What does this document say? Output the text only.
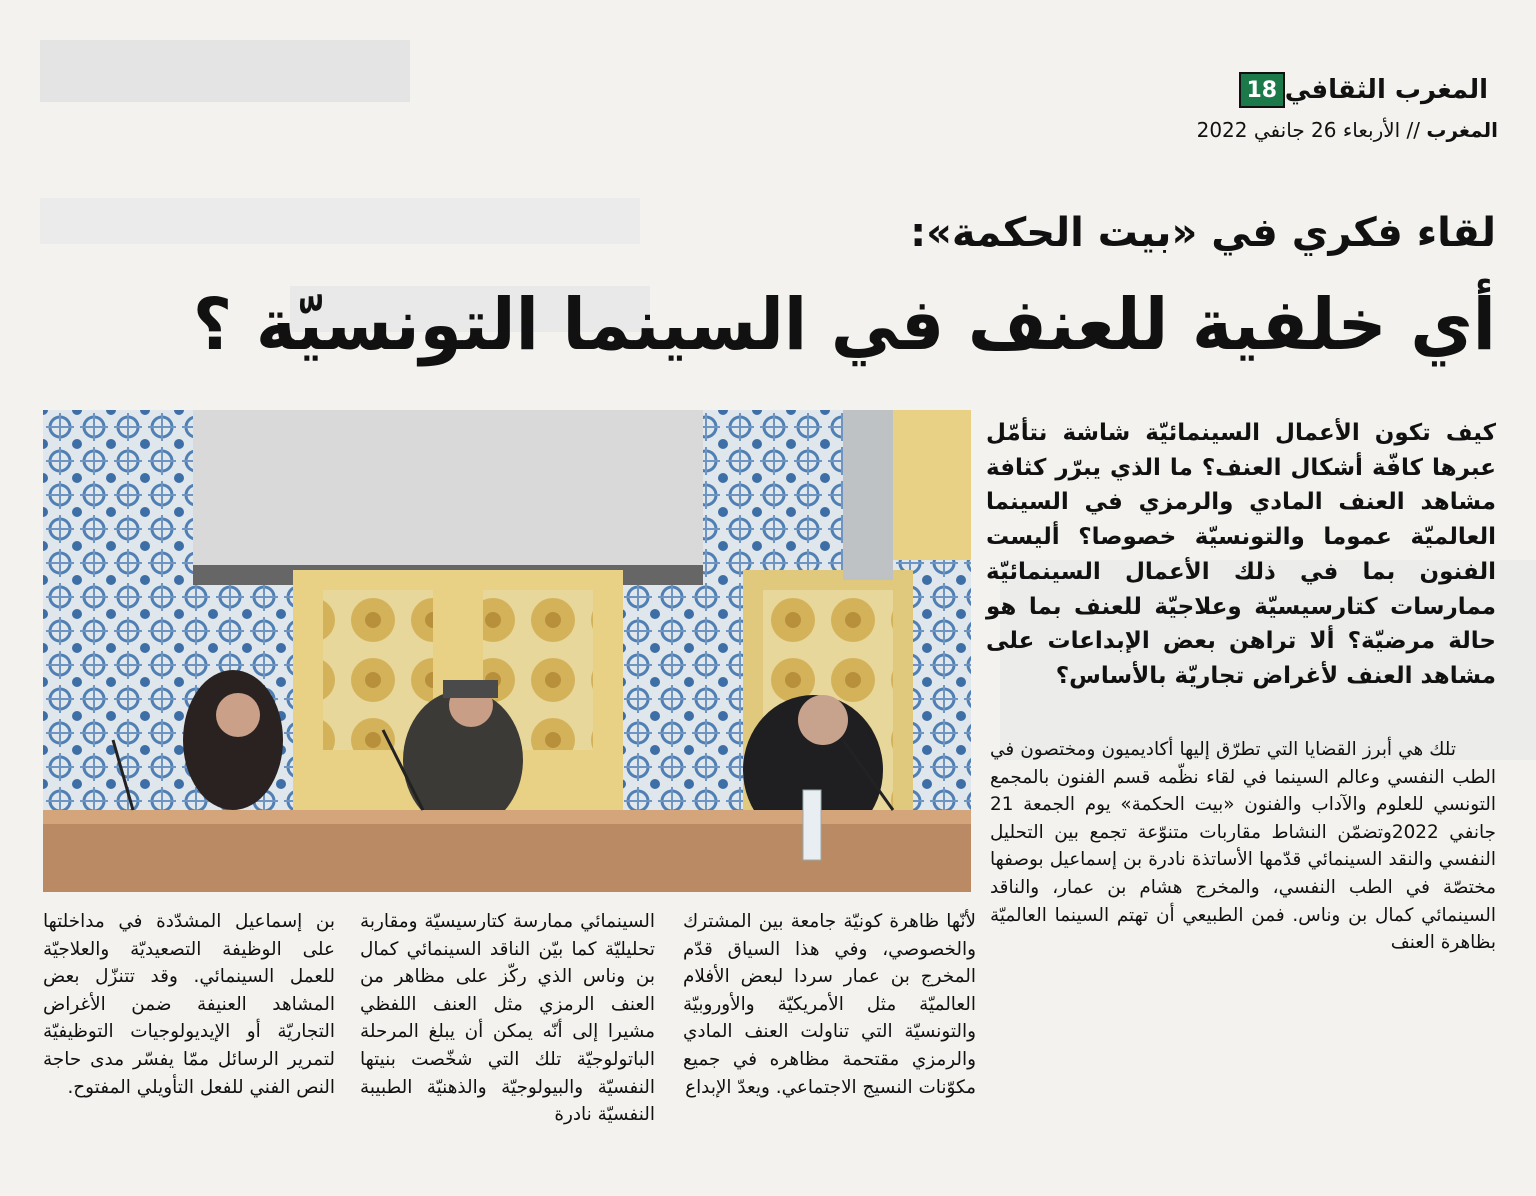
18 المغرب الثقافي
المغرب // الأربعاء 26 جانفي 2022
لقاء فكري في «بيت الحكمة»:
أي خلفية للعنف في السينما التونسيّة ؟
كيف تكون الأعمال السينمائيّة شاشة نتأمّل عبرها كافّة أشكال العنف؟ ما الذي يبرّر كثافة مشاهد العنف المادي والرمزي في السينما العالميّة عموما والتونسيّة خصوصا؟ أليست الفنون بما في ذلك الأعمال السينمائيّة ممارسات كتارسيسيّة وعلاجيّة للعنف بما هو حالة مرضيّة؟ ألا تراهن بعض الإبداعات على مشاهد العنف لأغراض تجاريّة بالأساس؟

تلك هي أبرز القضايا التي تطرّق إليها أكاديميون ومختصون في الطب النفسي وعالم السينما في لقاء نظّمه قسم الفنون بالمجمع التونسي للعلوم والآداب والفنون «بيت الحكمة» يوم الجمعة 21 جانفي 2022وتضمّن النشاط مقاربات متنوّعة تجمع بين التحليل النفسي والنقد السينمائي قدّمها الأساتذة نادرة بن إسماعيل بوصفها مختصّة في الطب النفسي، والمخرج هشام بن عمار، والناقد السينمائي كمال بن وناس. فمن الطبيعي أن تهتم السينما العالميّة بظاهرة العنف

لأنّها ظاهرة كونيّة جامعة بين المشترك والخصوصي، وفي هذا السياق قدّم المخرج بن عمار سردا لبعض الأفلام العالميّة مثل الأمريكيّة والأوروبيّة والتونسيّة التي تناولت العنف المادي والرمزي مقتحمة مظاهره في جميع مكوّنات النسيج الاجتماعي. ويعدّ الإبداع

السينمائي ممارسة كتارسيسيّة ومقاربة تحليليّة كما بيّن الناقد السينمائي كمال بن وناس الذي ركّز على مظاهر من العنف الرمزي مثل العنف اللفظي مشيرا إلى أنّه يمكن أن يبلغ المرحلة الباتولوجيّة تلك التي شخّصت بنيتها النفسيّة والبيولوجيّة والذهنيّة الطبيبة النفسيّة نادرة

بن إسماعيل المشدّدة في مداخلتها على الوظيفة التصعيديّة والعلاجيّة للعمل السينمائي. وقد تتنزّل بعض المشاهد العنيفة ضمن الأغراض التجاريّة أو الإيديولوجيات التوظيفيّة لتمرير الرسائل ممّا يفسّر مدى حاجة النص الفني للفعل التأويلي المفتوح.
